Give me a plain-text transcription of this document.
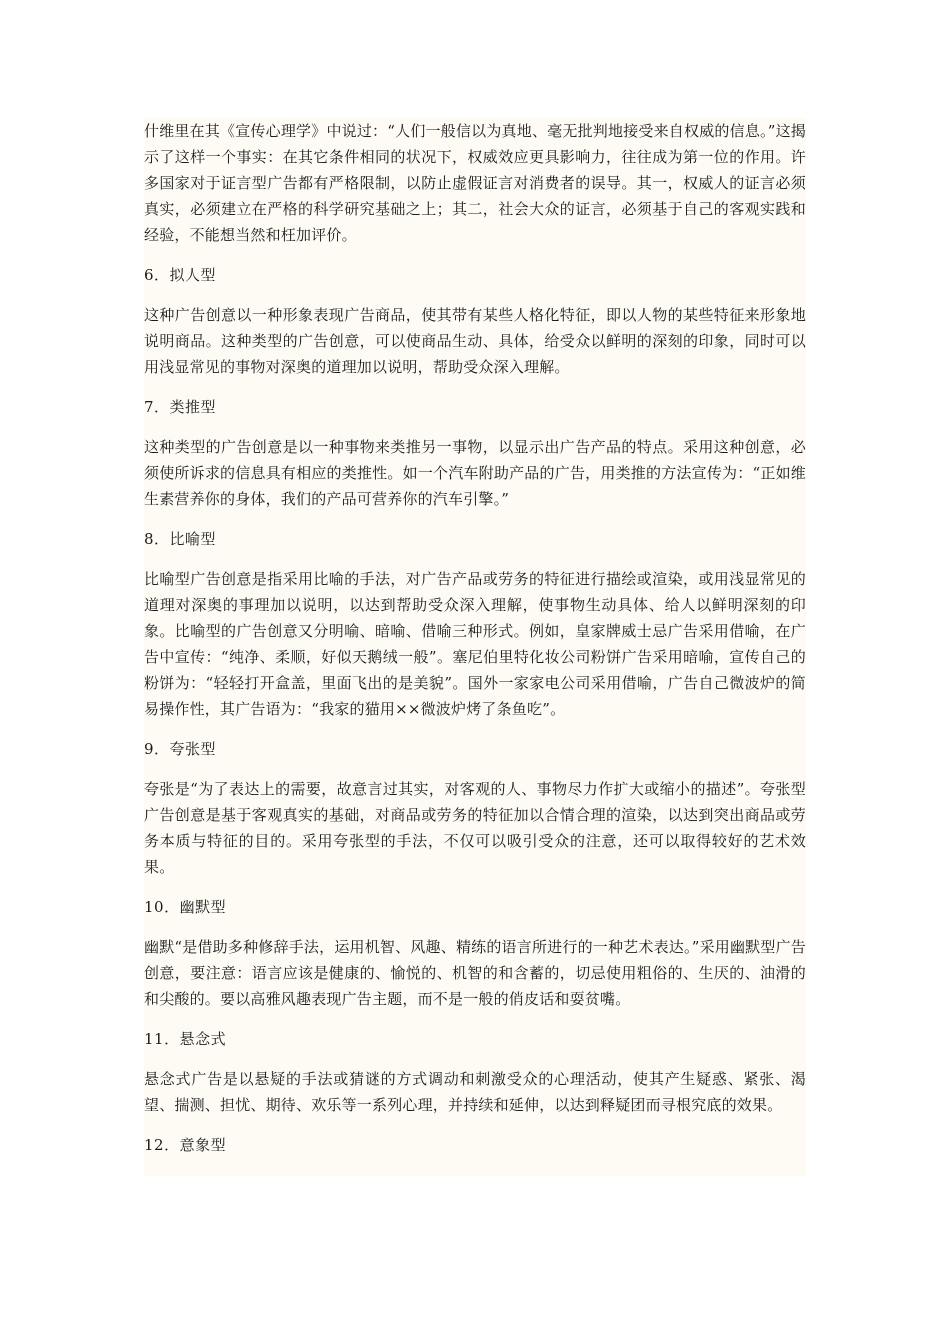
什维里在其《宣传心理学》中说过：“人们一般信以为真地、毫无批判地接受来自权威的信息。”这揭示了这样一个事实：在其它条件相同的状况下，权威效应更具影响力，往往成为第一位的作用。许多国家对于证言型广告都有严格限制，以防止虚假证言对消费者的误导。其一，权威人的证言必须真实，必须建立在严格的科学研究基础之上；其二，社会大众的证言，必须基于自己的客观实践和经验，不能想当然和枉加评价。

6．拟人型

这种广告创意以一种形象表现广告商品，使其带有某些人格化特征，即以人物的某些特征来形象地说明商品。这种类型的广告创意，可以使商品生动、具体，给受众以鲜明的深刻的印象，同时可以用浅显常见的事物对深奥的道理加以说明，帮助受众深入理解。

7．类推型

这种类型的广告创意是以一种事物来类推另一事物，以显示出广告产品的特点。采用这种创意，必须使所诉求的信息具有相应的类推性。如一个汽车附助产品的广告，用类推的方法宣传为：“正如维生素营养你的身体，我们的产品可营养你的汽车引擎。”

8．比喻型

比喻型广告创意是指采用比喻的手法，对广告产品或劳务的特征进行描绘或渲染，或用浅显常见的道理对深奥的事理加以说明，以达到帮助受众深入理解，使事物生动具体、给人以鲜明深刻的印象。比喻型的广告创意又分明喻、暗喻、借喻三种形式。例如，皇家牌威士忌广告采用借喻，在广告中宣传：“纯净、柔顺，好似天鹅绒一般”。塞尼伯里特化妆公司粉饼广告采用暗喻，宣传自己的粉饼为：“轻轻打开盒盖，里面飞出的是美貌”。国外一家家电公司采用借喻，广告自己微波炉的简易操作性，其广告语为：“我家的猫用××微波炉烤了条鱼吃”。

9．夸张型

夸张是“为了表达上的需要，故意言过其实，对客观的人、事物尽力作扩大或缩小的描述”。夸张型广告创意是基于客观真实的基础，对商品或劳务的特征加以合情合理的渲染，以达到突出商品或劳务本质与特征的目的。采用夸张型的手法，不仅可以吸引受众的注意，还可以取得较好的艺术效果。

10．幽默型

幽默“是借助多种修辞手法，运用机智、风趣、精练的语言所进行的一种艺术表达。”采用幽默型广告创意，要注意：语言应该是健康的、愉悦的、机智的和含蓄的，切忌使用粗俗的、生厌的、油滑的和尖酸的。要以高雅风趣表现广告主题，而不是一般的俏皮话和耍贫嘴。

11．悬念式

悬念式广告是以悬疑的手法或猜谜的方式调动和刺激受众的心理活动，使其产生疑惑、紧张、渴望、揣测、担忧、期待、欢乐等一系列心理，并持续和延伸，以达到释疑团而寻根究底的效果。

12．意象型
